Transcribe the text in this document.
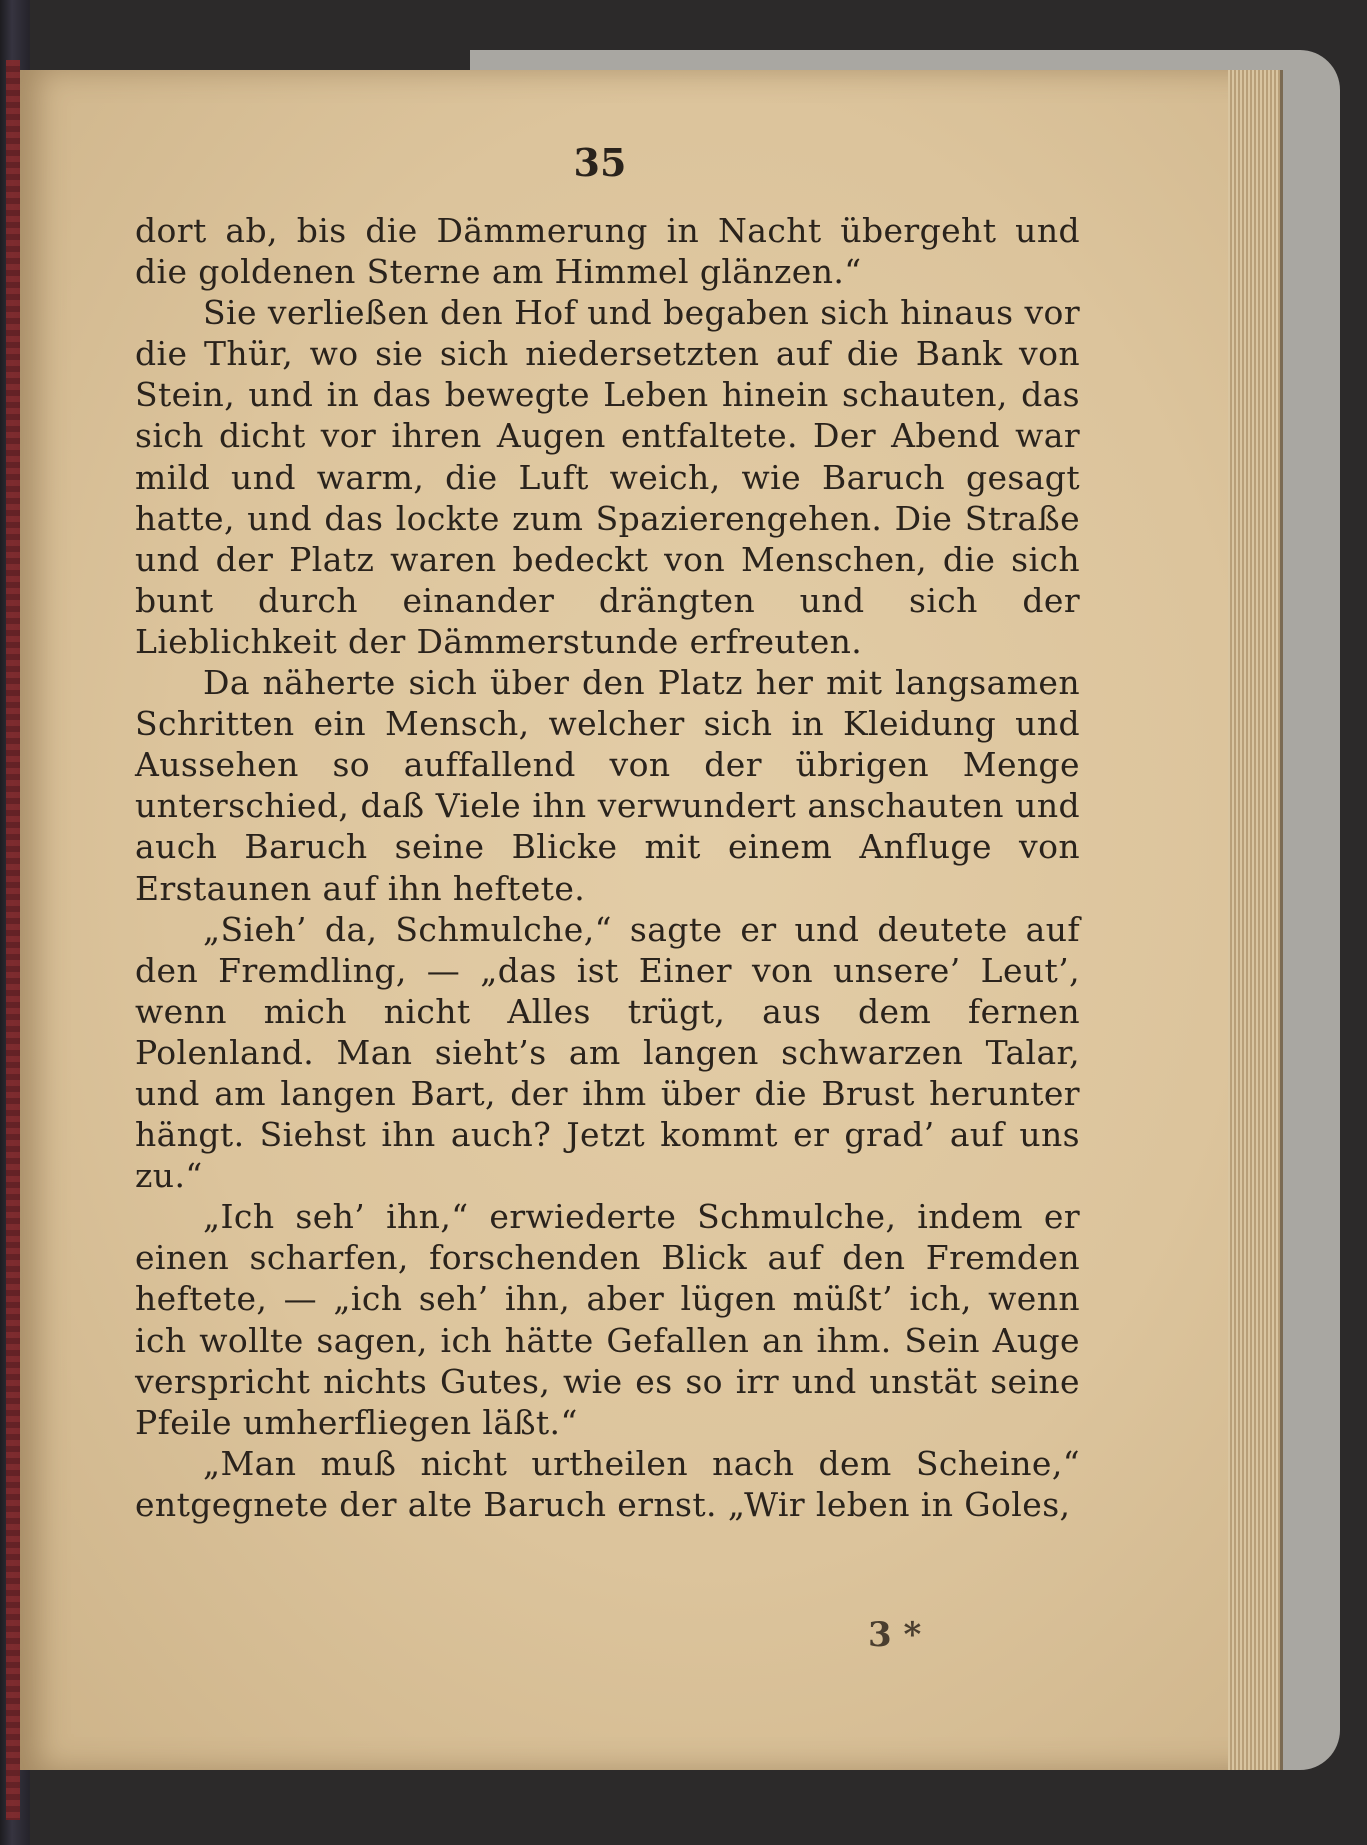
35

dort ab, bis die Dämmerung in Nacht übergeht und die goldenen Sterne am Himmel glänzen.“

Sie verließen den Hof und begaben sich hinaus vor die Thür, wo sie sich niedersetzten auf die Bank von Stein, und in das bewegte Leben hinein schauten, das sich dicht vor ihren Augen entfaltete. Der Abend war mild und warm, die Luft weich, wie Baruch gesagt hatte, und das lockte zum Spazierengehen. Die Straße und der Platz waren bedeckt von Menschen, die sich bunt durch einander drängten und sich der Lieblichkeit der Dämmerstunde erfreuten.

Da näherte sich über den Platz her mit langsamen Schritten ein Mensch, welcher sich in Kleidung und Aussehen so auffallend von der übrigen Menge unterschied, daß Viele ihn verwundert anschauten und auch Baruch seine Blicke mit einem Anfluge von Erstaunen auf ihn heftete.

„Sieh’ da, Schmulche,“ sagte er und deutete auf den Fremdling, — „das ist Einer von unsere’ Leut’, wenn mich nicht Alles trügt, aus dem fernen Polenland. Man sieht’s am langen schwarzen Talar, und am langen Bart, der ihm über die Brust herunter hängt. Siehst ihn auch? Jetzt kommt er grad’ auf uns zu.“

„Ich seh’ ihn,“ erwiederte Schmulche, indem er einen scharfen, forschenden Blick auf den Fremden heftete, — „ich seh’ ihn, aber lügen müßt’ ich, wenn ich wollte sagen, ich hätte Gefallen an ihm. Sein Auge verspricht nichts Gutes, wie es so irr und unstät seine Pfeile umherfliegen läßt.“

„Man muß nicht urtheilen nach dem Scheine,“ entgegnete der alte Baruch ernst. „Wir leben in Goles,

3 *
